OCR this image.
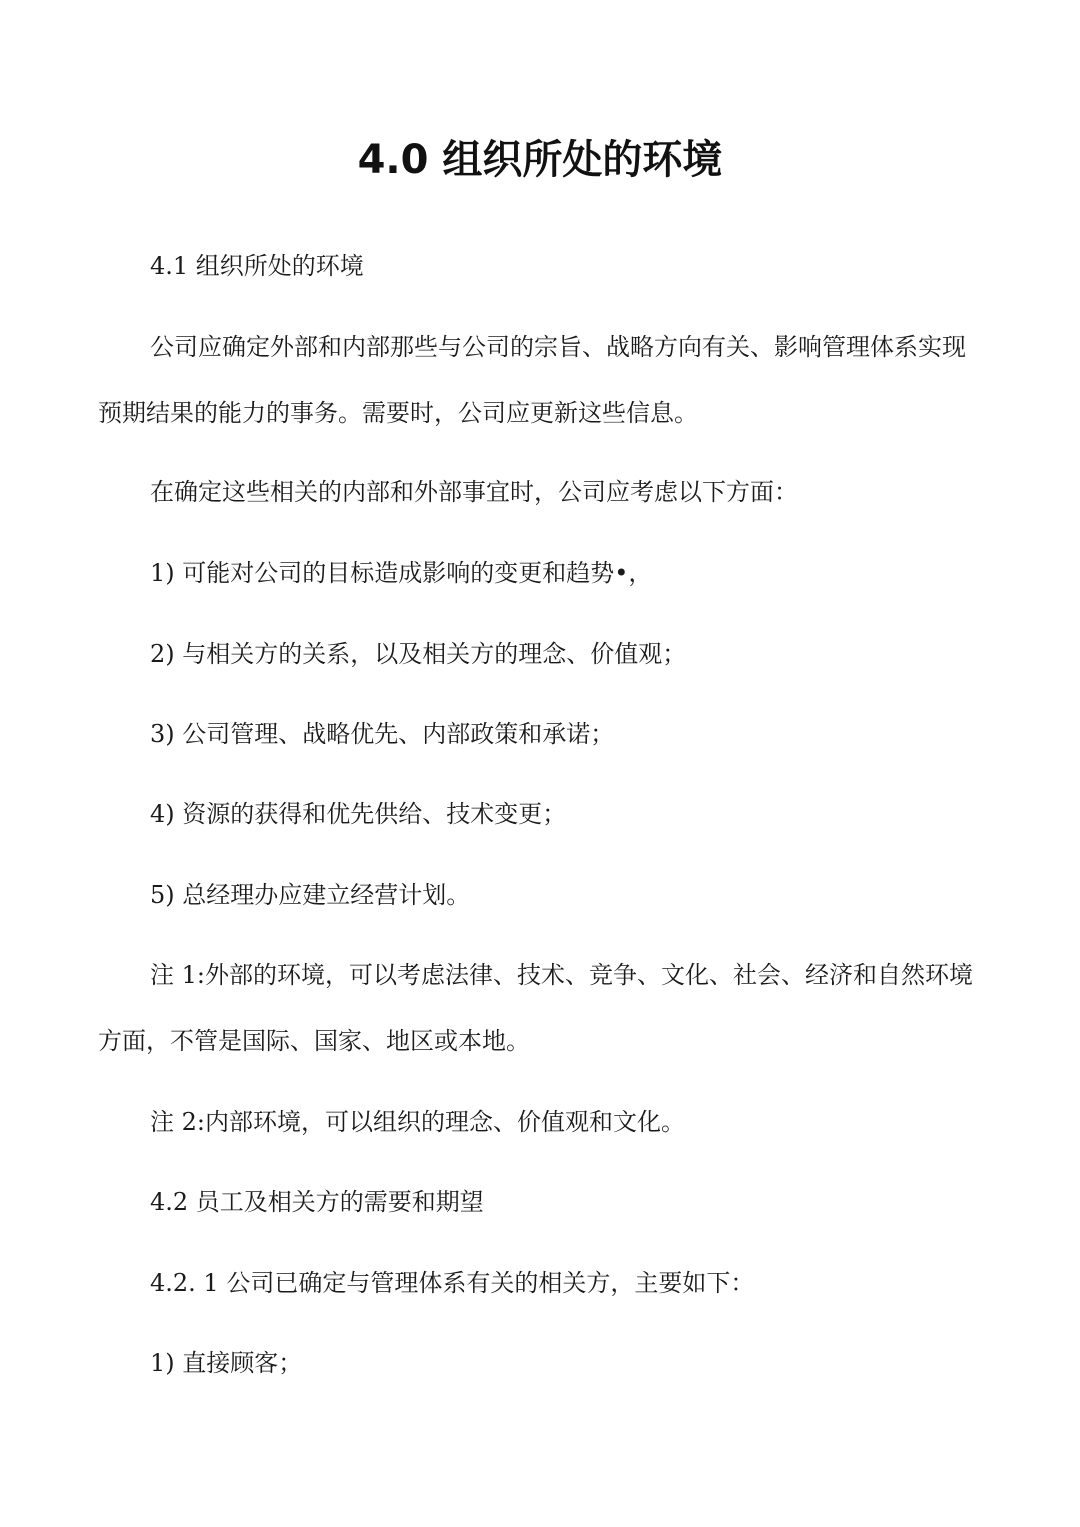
4.0 组织所处的环境

4.1 组织所处的环境

公司应确定外部和内部那些与公司的宗旨、战略方向有关、影响管理体系实现预期结果的能力的事务。需要时，公司应更新这些信息。

在确定这些相关的内部和外部事宜时，公司应考虑以下方面：

1) 可能对公司的目标造成影响的变更和趋势•，

2) 与相关方的关系，以及相关方的理念、价值观；

3) 公司管理、战略优先、内部政策和承诺；

4) 资源的获得和优先供给、技术变更；

5) 总经理办应建立经营计划。

注 1:外部的环境，可以考虑法律、技术、竞争、文化、社会、经济和自然环境方面，不管是国际、国家、地区或本地。

注 2:内部环境，可以组织的理念、价值观和文化。

4.2 员工及相关方的需要和期望

4.2. 1 公司已确定与管理体系有关的相关方，主要如下：

1) 直接顾客；
